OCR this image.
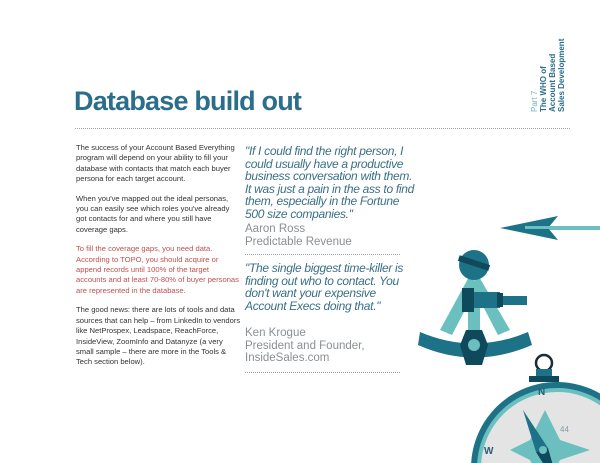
Database build out	Part 7 The WHO of Account Based Sales Development

The success of your Account Based Everything program will depend on your ability to fill your database with contacts that match each buyer persona for each target account.

When you've mapped out the ideal personas, you can easily see which roles you've already got contacts for and where you still have coverage gaps.

To fill the coverage gaps, you need data. According to TOPO, you should acquire or append records until 100% of the target accounts and at least 70-80% of buyer personas are represented in the database.

The good news: there are lots of tools and data sources that can help – from LinkedIn to vendors like NetProspex, Leadspace, ReachForce, InsideView, ZoomInfo and Datanyze (a very small sample – there are more in the Tools & Tech section below).

"If I could find the right person, I could usually have a productive business conversation with them. It was just a pain in the ass to find them, especially in the Fortune 500 size companies."
Aaron Ross
Predictable Revenue
"The single biggest time-killer is finding out who to contact. You don't want your expensive Account Execs doing that."
Ken Krogue
President and Founder,
InsideSales.com
N
W
44
